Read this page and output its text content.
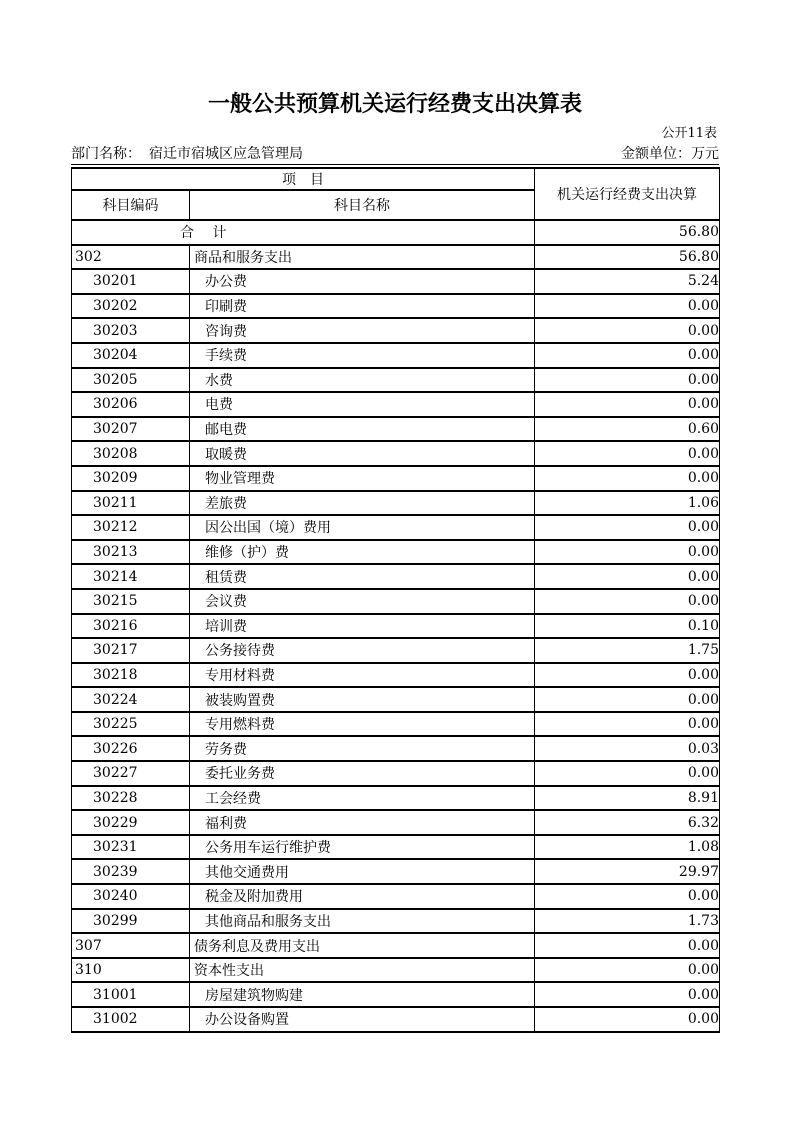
一般公共预算机关运行经费支出决算表
公开11表
部门名称： 宿迁市宿城区应急管理局	金额单位：万元
项　目		机关运行经费支出决算
科目编码	科目名称	
合　 计		56.80
302	商品和服务支出	56.80
30201	办公费	5.24
30202	印刷费	0.00
30203	咨询费	0.00
30204	手续费	0.00
30205	水费	0.00
30206	电费	0.00
30207	邮电费	0.60
30208	取暖费	0.00
30209	物业管理费	0.00
30211	差旅费	1.06
30212	因公出国（境）费用	0.00
30213	维修（护）费	0.00
30214	租赁费	0.00
30215	会议费	0.00
30216	培训费	0.10
30217	公务接待费	1.75
30218	专用材料费	0.00
30224	被装购置费	0.00
30225	专用燃料费	0.00
30226	劳务费	0.03
30227	委托业务费	0.00
30228	工会经费	8.91
30229	福利费	6.32
30231	公务用车运行维护费	1.08
30239	其他交通费用	29.97
30240	税金及附加费用	0.00
30299	其他商品和服务支出	1.73
307	债务利息及费用支出	0.00
310	资本性支出	0.00
31001	房屋建筑物购建	0.00
31002	办公设备购置	0.00
